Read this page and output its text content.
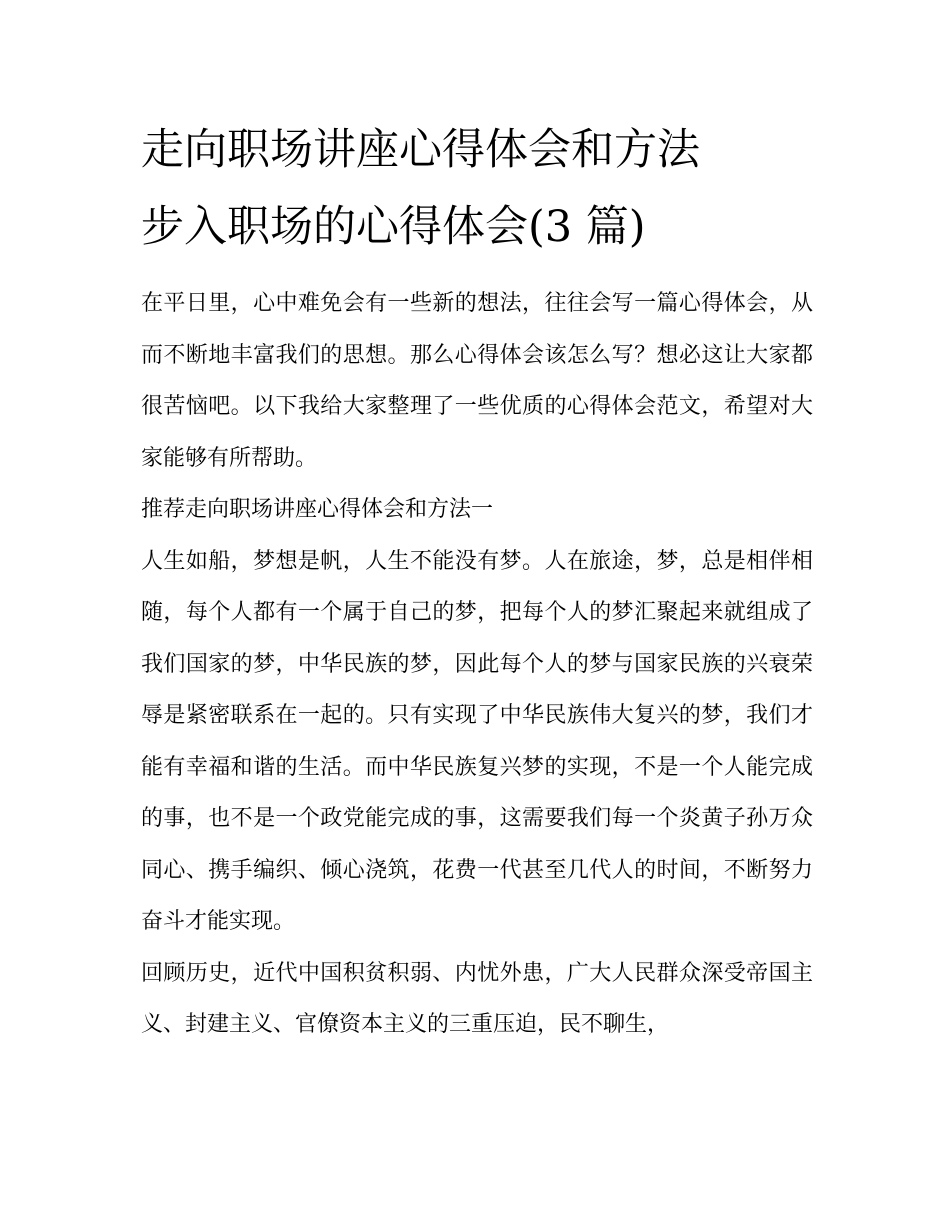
走向职场讲座心得体会和方法
步入职场的心得体会(3 篇)

在平日里，心中难免会有一些新的想法，往往会写一篇心得体会，从而不断地丰富我们的思想。那么心得体会该怎么写？想必这让大家都很苦恼吧。以下我给大家整理了一些优质的心得体会范文，希望对大家能够有所帮助。

推荐走向职场讲座心得体会和方法一

人生如船，梦想是帆，人生不能没有梦。人在旅途，梦，总是相伴相随，每个人都有一个属于自己的梦，把每个人的梦汇聚起来就组成了我们国家的梦，中华民族的梦，因此每个人的梦与国家民族的兴衰荣辱是紧密联系在一起的。只有实现了中华民族伟大复兴的梦，我们才能有幸福和谐的生活。而中华民族复兴梦的实现，不是一个人能完成的事，也不是一个政党能完成的事，这需要我们每一个炎黄子孙万众同心、携手编织、倾心浇筑，花费一代甚至几代人的时间，不断努力奋斗才能实现。

回顾历史，近代中国积贫积弱、内忧外患，广大人民群众深受帝国主义、封建主义、官僚资本主义的三重压迫，民不聊生，
